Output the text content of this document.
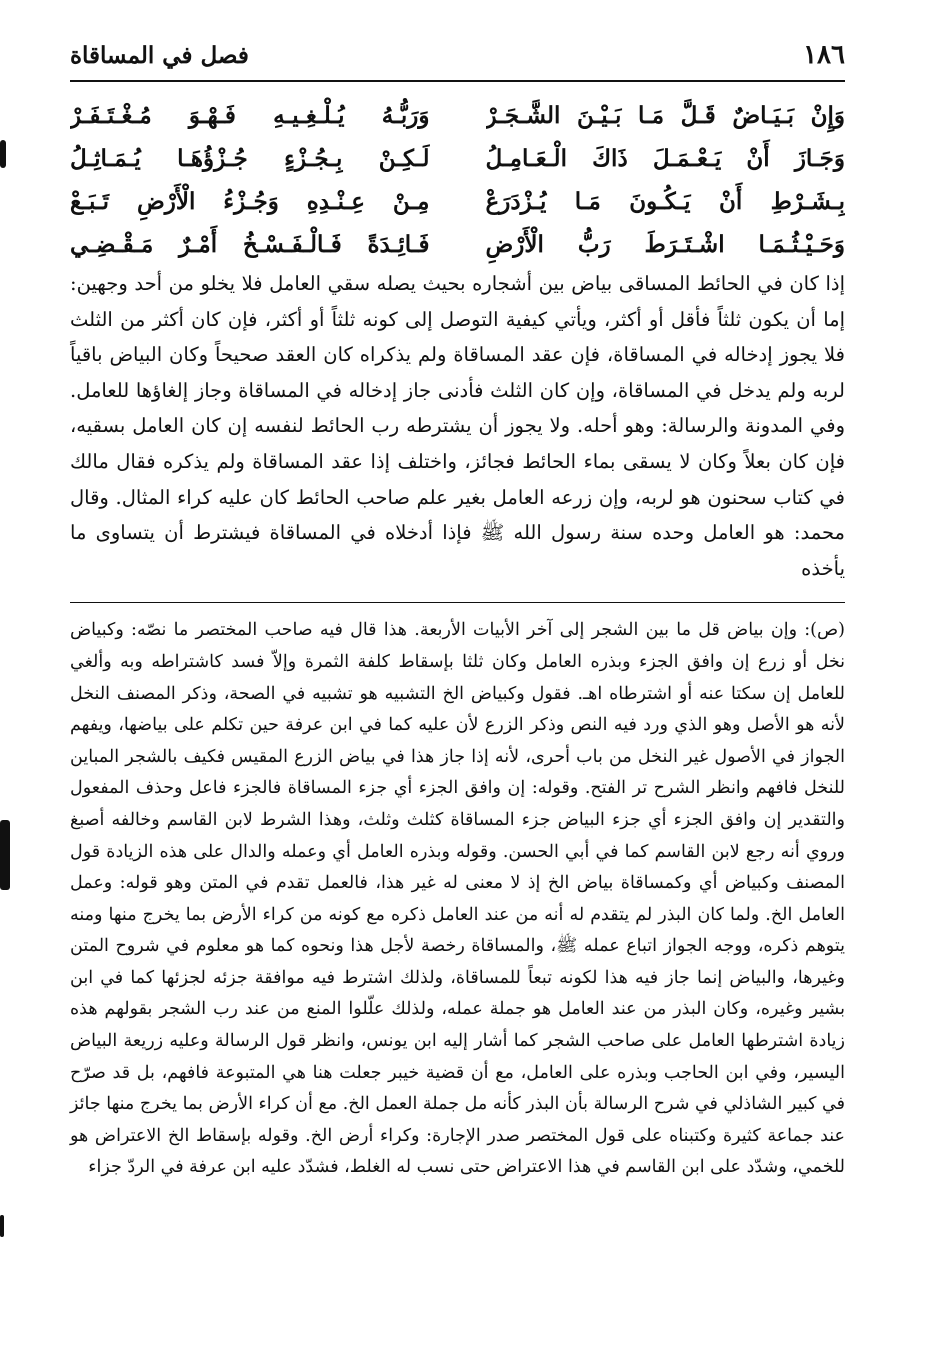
١٨٦
فصل في المساقاة
وَإِنْ بَـيَـاضٌ قَـلَّ مَـا بَـيْـنَ الشَّـجَـرْ
وَرَبُّـهُ يُـلْـغِـيـهِ فَـهْـوَ مُـغْـتَـفَـرْ
وَجَـازَ أَنْ يَـعْـمَـلَ ذَاكَ الْـعَـامِـلُ
لَـكِـنْ بِـجُـزْءٍ جُـزْؤُهَـا يُـمَـاثِـلُ
بِـشَـرْطِ أَنْ يَـكُـونَ مَـا يُـزْدَرَعْ
مِـنْ عِـنْـدِهِ وَجُـزْءُ الْأَرْضِ تَـبَـعْ
وَحَـيْـثُـمَـا اشْـتَـرَطَ رَبُّ الْأَرْضِ
فَـائِـدَةً فَـالْـفَـسْـخُ أَمْـرٌ مَـقْـضِـي

إذا كان في الحائط المساقى بياض بين أشجاره بحيث يصله سقي العامل فلا يخلو من أحد وجهين: إما أن يكون ثلثاً فأقل أو أكثر، ويأتي كيفية التوصل إلى كونه ثلثاً أو أكثر، فإن كان أكثر من الثلث فلا يجوز إدخاله في المساقاة، فإن عقد المساقاة ولم يذكراه كان العقد صحيحاً وكان البياض باقياً لربه ولم يدخل في المساقاة، وإن كان الثلث فأدنى جاز إدخاله في المساقاة وجاز إلغاؤها للعامل. وفي المدونة والرسالة: وهو أحله. ولا يجوز أن يشترطه رب الحائط لنفسه إن كان العامل بسقيه، فإن كان بعلاً وكان لا يسقى بماء الحائط فجائز، واختلف إذا عقد المساقاة ولم يذكره فقال مالك في كتاب سحنون هو لربه، وإن زرعه العامل بغير علم صاحب الحائط كان عليه كراء المثال. وقال محمد: هو العامل وحده سنة رسول الله ﷺ فإذا أدخلاه في المساقاة فيشترط أن يتساوى ما يأخذه

(ص): وإن بياض قل ما بين الشجر إلى آخر الأبيات الأربعة. هذا قال فيه صاحب المختصر ما نصّه: وكبياض نخل أو زرع إن وافق الجزء وبذره العامل وكان ثلثا بإسقاط كلفة الثمرة وإلاّ فسد كاشتراطه وبه وألغي للعامل إن سكتا عنه أو اشترطاه اهـ. فقول وكبياض الخ التشبيه هو تشبيه في الصحة، وذكر المصنف النخل لأنه هو الأصل وهو الذي ورد فيه النص وذكر الزرع لأن عليه كما في ابن عرفة حين تكلم على بياضها، ويفهم الجواز في الأصول غير النخل من باب أحرى، لأنه إذا جاز هذا في بياض الزرع المقيس فكيف بالشجر المباين للنخل فافهم وانظر الشرح تر الفتح. وقوله: إن وافق الجزء أي جزء المساقاة فالجزء فاعل وحذف المفعول والتقدير إن وافق الجزء أي جزء البياض جزء المساقاة كثلث وثلث، وهذا الشرط لابن القاسم وخالفه أصبغ وروي أنه رجع لابن القاسم كما في أبي الحسن. وقوله وبذره العامل أي وعمله والدال على هذه الزيادة قول المصنف وكبياض أي وكمساقاة بياض الخ إذ لا معنى له غير هذا، فالعمل تقدم في المتن وهو قوله: وعمل العامل الخ. ولما كان البذر لم يتقدم له أنه من عند العامل ذكره مع كونه من كراء الأرض بما يخرج منها ومنه يتوهم ذكره، ووجه الجواز اتباع عمله ﷺ، والمساقاة رخصة لأجل هذا ونحوه كما هو معلوم في شروح المتن وغيرها، والبياض إنما جاز فيه هذا لكونه تبعاً للمساقاة، ولذلك اشترط فيه موافقة جزئه لجزئها كما في ابن بشير وغيره، وكان البذر من عند العامل هو جملة عمله، ولذلك علّلوا المنع من عند رب الشجر بقولهم هذه زيادة اشترطها العامل على صاحب الشجر كما أشار إليه ابن يونس، وانظر قول الرسالة وعليه زريعة البياض اليسير، وفي ابن الحاجب وبذره على العامل، مع أن قضية خيبر جعلت هنا هي المتبوعة فافهم، بل قد صرّح في كبير الشاذلي في شرح الرسالة بأن البذر كأنه مل جملة العمل الخ. مع أن كراء الأرض بما يخرج منها جائز عند جماعة كثيرة وكتبناه على قول المختصر صدر الإجارة: وكراء أرض الخ. وقوله بإسقاط الخ الاعتراض هو للخمي، وشدّد على ابن القاسم في هذا الاعتراض حتى نسب له الغلط، فشدّد عليه ابن عرفة في الردّ جزاء
